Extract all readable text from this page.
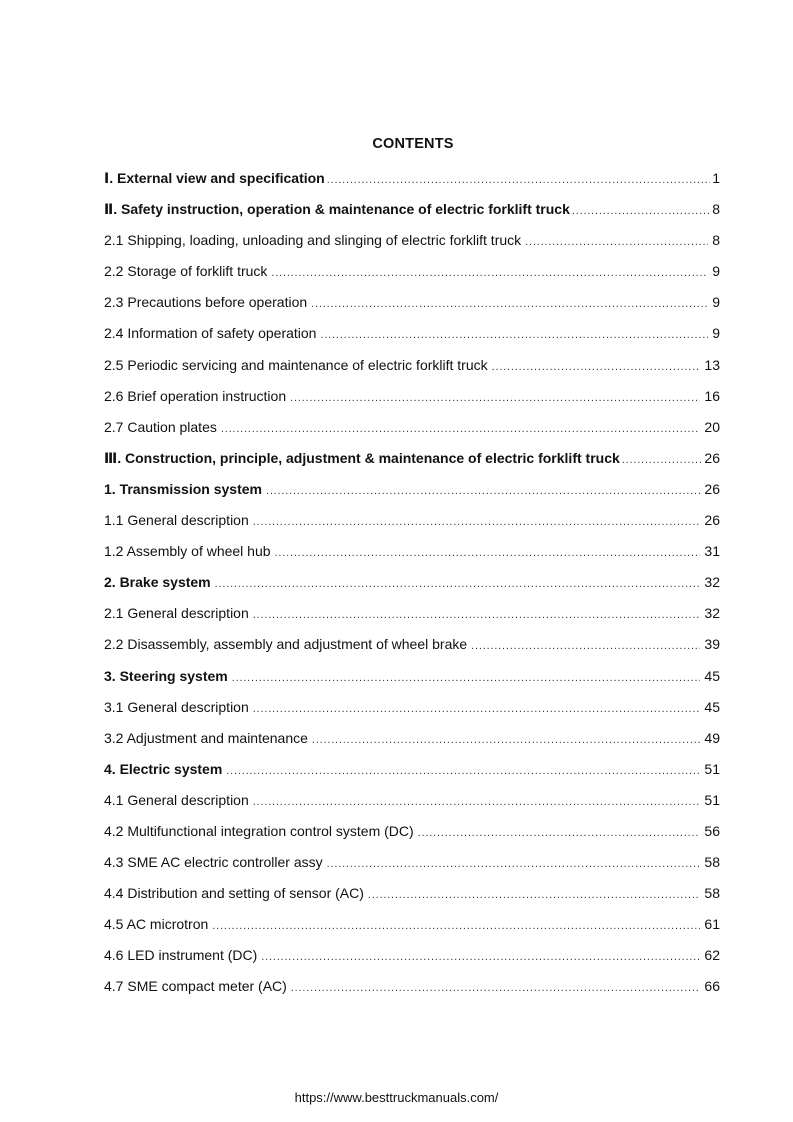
CONTENTS
Ⅰ. External view and specification .....	1
Ⅱ. Safety instruction, operation & maintenance of electric forklift truck .....	8
2.1 Shipping, loading, unloading and slinging of electric forklift truck .....	8
2.2 Storage of forklift truck .....	9
2.3 Precautions before operation .....	9
2.4 Information of safety operation .....	9
2.5 Periodic servicing and maintenance of electric forklift truck .....	13
2.6 Brief operation instruction .....	16
2.7 Caution plates .....	20
Ⅲ. Construction, principle, adjustment & maintenance of electric forklift truck .....	26
1. Transmission system .....	26
1.1 General description .....	26
1.2 Assembly of wheel hub .....	31
2. Brake system .....	32
2.1 General description .....	32
2.2 Disassembly, assembly and adjustment of wheel brake .....	39
3. Steering system .....	45
3.1 General description .....	45
3.2 Adjustment and maintenance .....	49
4. Electric system .....	51
4.1 General description .....	51
4.2 Multifunctional integration control system (DC) .....	56
4.3 SME AC electric controller assy .....	58
4.4 Distribution and setting of sensor (AC) .....	58
4.5 AC microtron .....	61
4.6 LED instrument (DC) .....	62
4.7 SME compact meter (AC) .....	66
https://www.besttruckmanuals.com/
